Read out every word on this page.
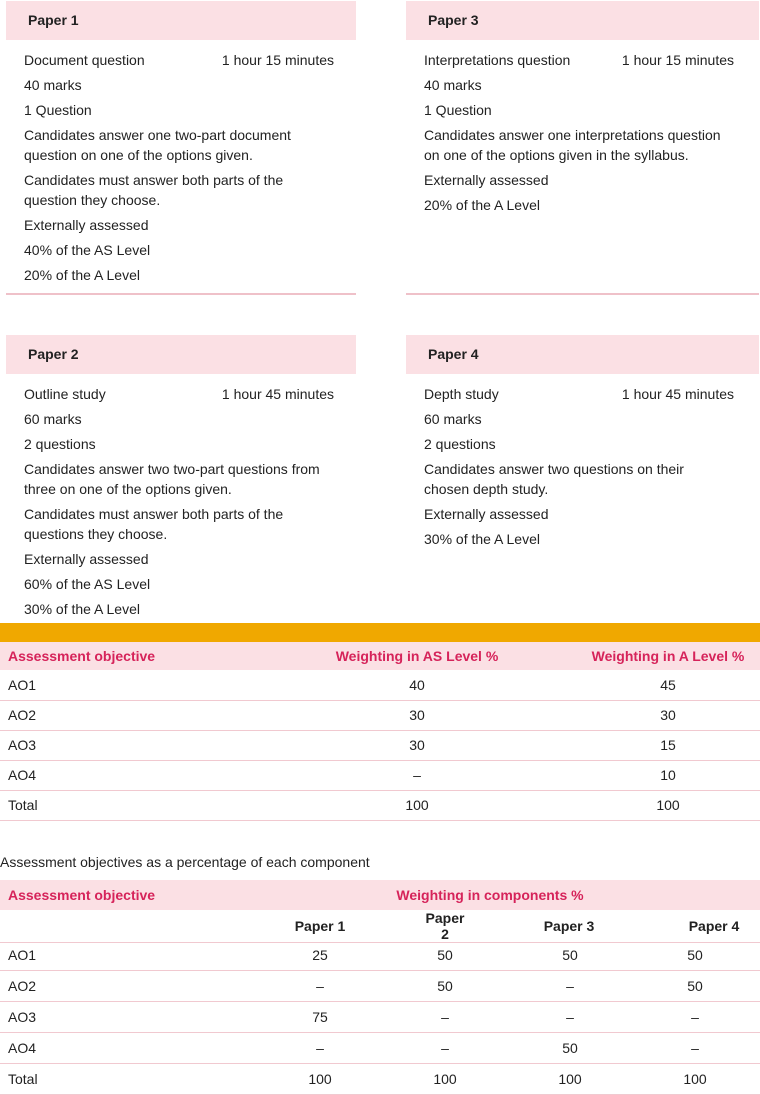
Paper 1
Document question	1 hour 15 minutes
40 marks
1 Question
Candidates answer one two-part document question on one of the options given.
Candidates must answer both parts of the question they choose.
Externally assessed
40% of the AS Level
20% of the A Level
Paper 3
Interpretations question	1 hour 15 minutes
40 marks
1 Question
Candidates answer one interpretations question on one of the options given in the syllabus.
Externally assessed
20% of the A Level
Paper 2
Outline study	1 hour 45 minutes
60 marks
2 questions
Candidates answer two two-part questions from three on one of the options given.
Candidates must answer both parts of the questions they choose.
Externally assessed
60% of the AS Level
30% of the A Level
Paper 4
Depth study	1 hour 45 minutes
60 marks
2 questions
Candidates answer two questions on their chosen depth study.
Externally assessed
30% of the A Level
Assessment objective	Weighting in AS Level %	Weighting in A Level %
AO1	40	45
AO2	30	30
AO3	30	15
AO4	–	10
Total	100	100
Assessment objectives as a percentage of each component
Assessment objective	Weighting in components %			
	Paper 1	Paper 2	Paper 3	Paper 4
AO1	25	50	50	50
AO2	–	50	–	50
AO3	75	–	–	–
AO4	–	–	50	–
Total	100	100	100	100
